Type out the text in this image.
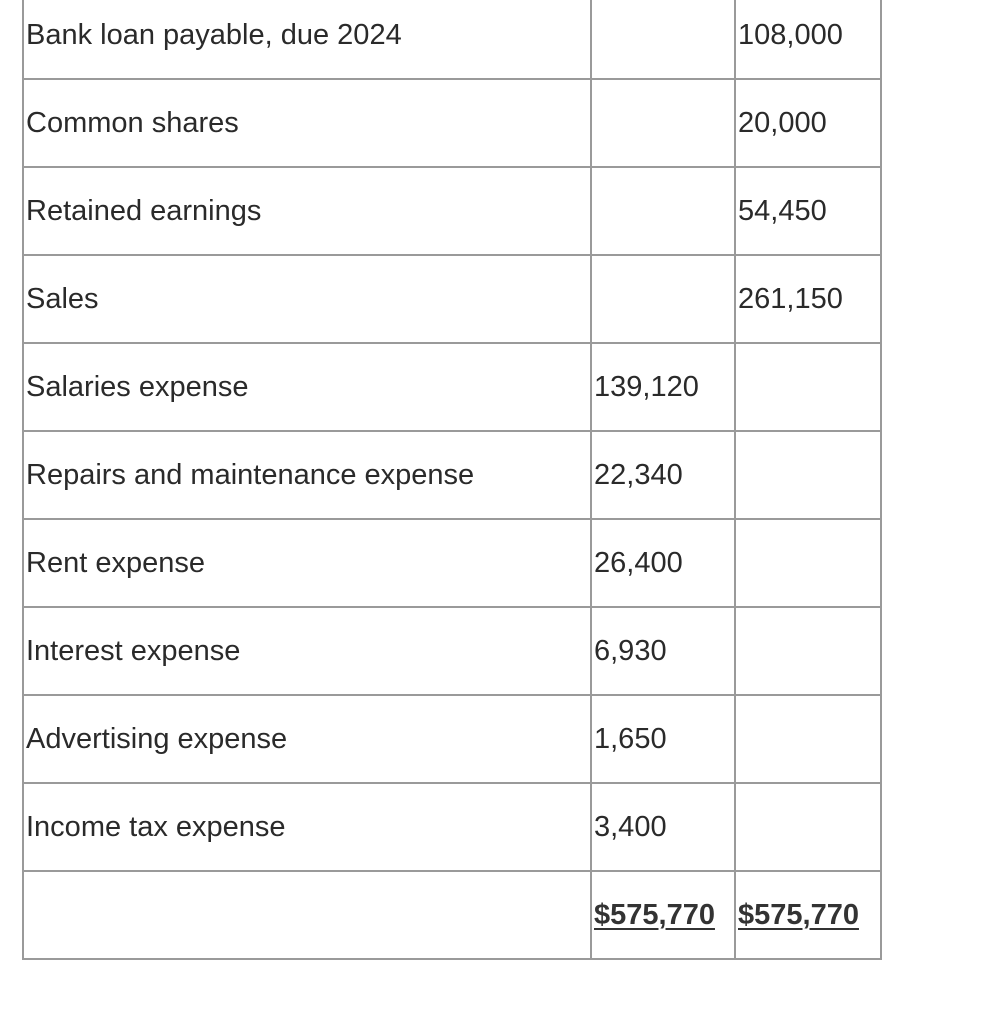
Bank loan payable, due 2024		108,000
Common shares		20,000
Retained earnings		54,450
Sales		261,150
Salaries expense	139,120	
Repairs and maintenance expense	22,340	
Rent expense	26,400	
Interest expense	6,930	
Advertising expense	1,650	
Income tax expense	3,400	
	$575,770	$575,770
